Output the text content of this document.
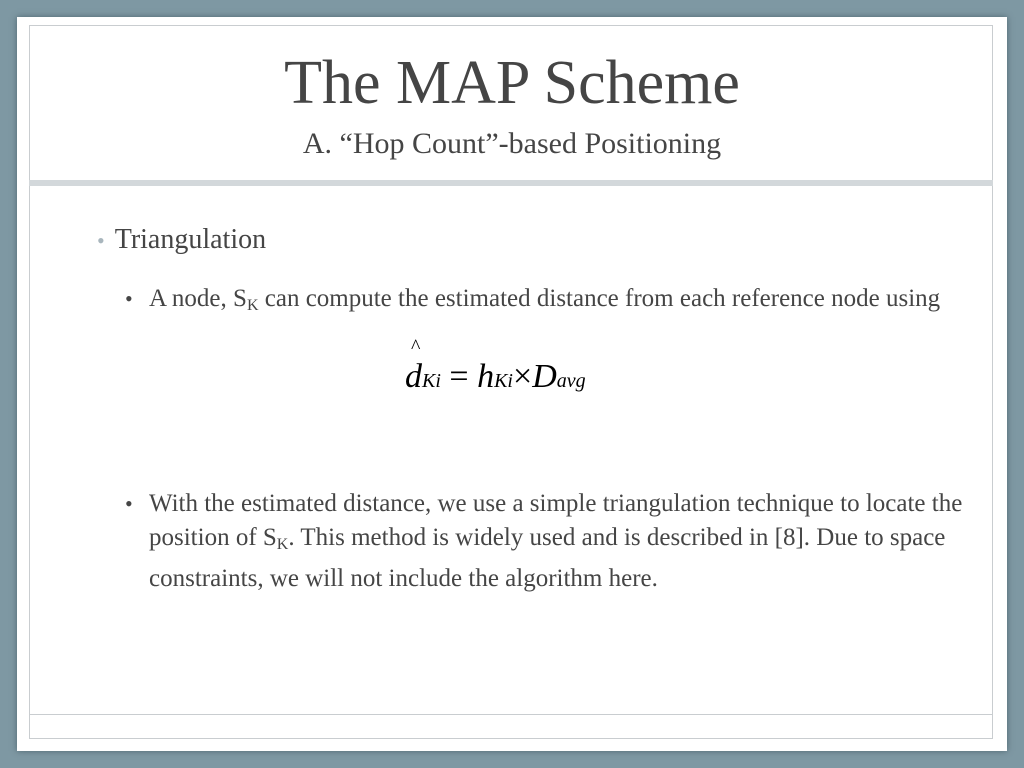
The MAP Scheme
A. “Hop Count”-based Positioning
• Triangulation
• A node, $S_K$ can compute the estimated distance from each reference node using
^
dKi = hKi×Davg
• With the estimated distance, we use a simple triangulation technique to locate the position of $S_K$. This method is widely used and is described in [8]. Due to space constraints, we will not include the algorithm here.
